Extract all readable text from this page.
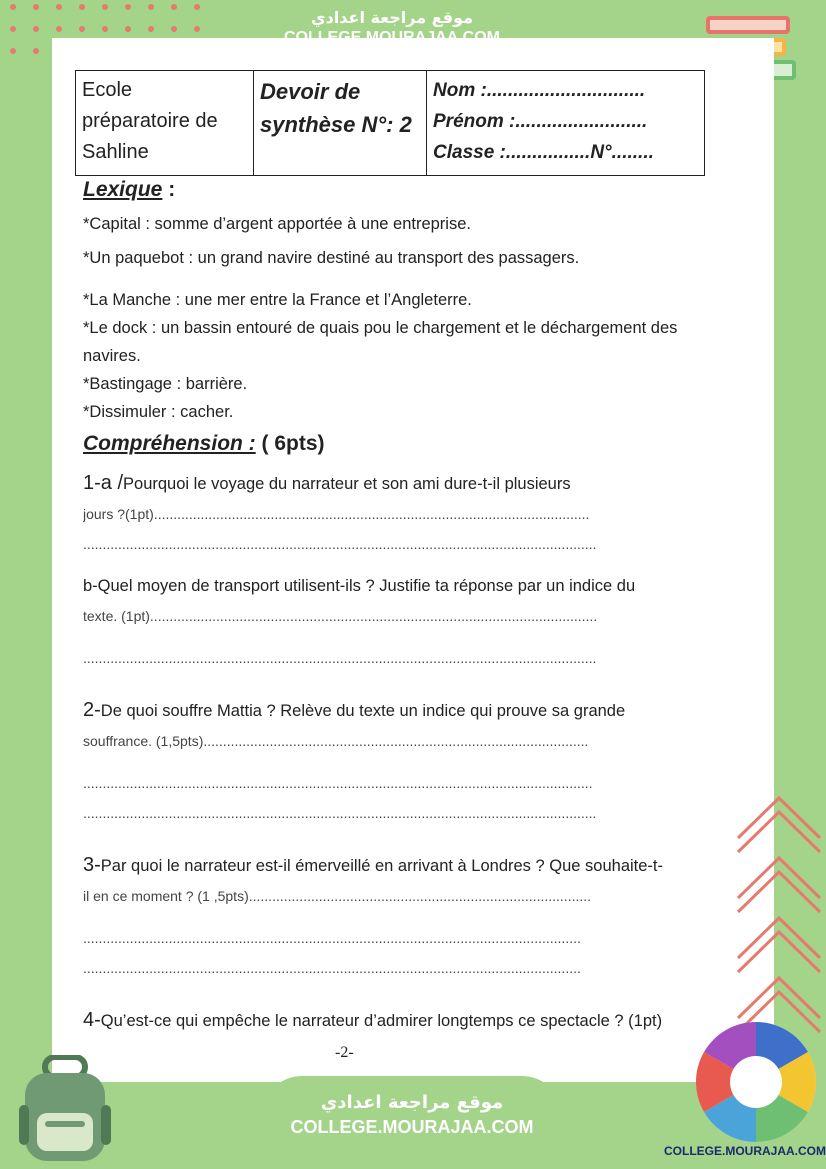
موقع مراجعة اعدادي
Ecole
préparatoire de
Sahline

Devoir de
synthèse N°: 2

Nom :..............................
Prénom :.........................
Classe :................N°........
Lexique :
*Capital : somme d’argent apportée à une entreprise.
*Un paquebot : un grand navire destiné au transport des passagers.
*La Manche : une mer entre la France et l’Angleterre.
*Le dock : un bassin entouré de quais pou le chargement et le déchargement des navires.
*Bastingage : barrière.
*Dissimuler : cacher.
Compréhension : ( 6pts)
1-a /Pourquoi le voyage du narrateur et son ami dure-t-il plusieurs
jours ?(1pt)................................................................................................................
....................................................................................................................................
b-Quel moyen de transport utilisent-ils ? Justifie ta réponse par un indice du
texte. (1pt)...................................................................................................................
....................................................................................................................................
2-De quoi souffre Mattia ? Relève du texte un indice qui prouve sa grande
souffrance. (1,5pts)...................................................................................................
...................................................................................................................................
....................................................................................................................................
3-Par quoi le narrateur est-il émerveillé en arrivant à Londres ? Que souhaite-t-
il en ce moment ? (1 ,5pts)........................................................................................
................................................................................................................................
................................................................................................................................
4-Qu’est-ce qui empêche le narrateur d’admirer longtemps ce spectacle ? (1pt)
-2-
موقع مراجعة اعدادي
COLLEGE.MOURAJAA.COM
COLLEGE.MOURAJAA.COM
